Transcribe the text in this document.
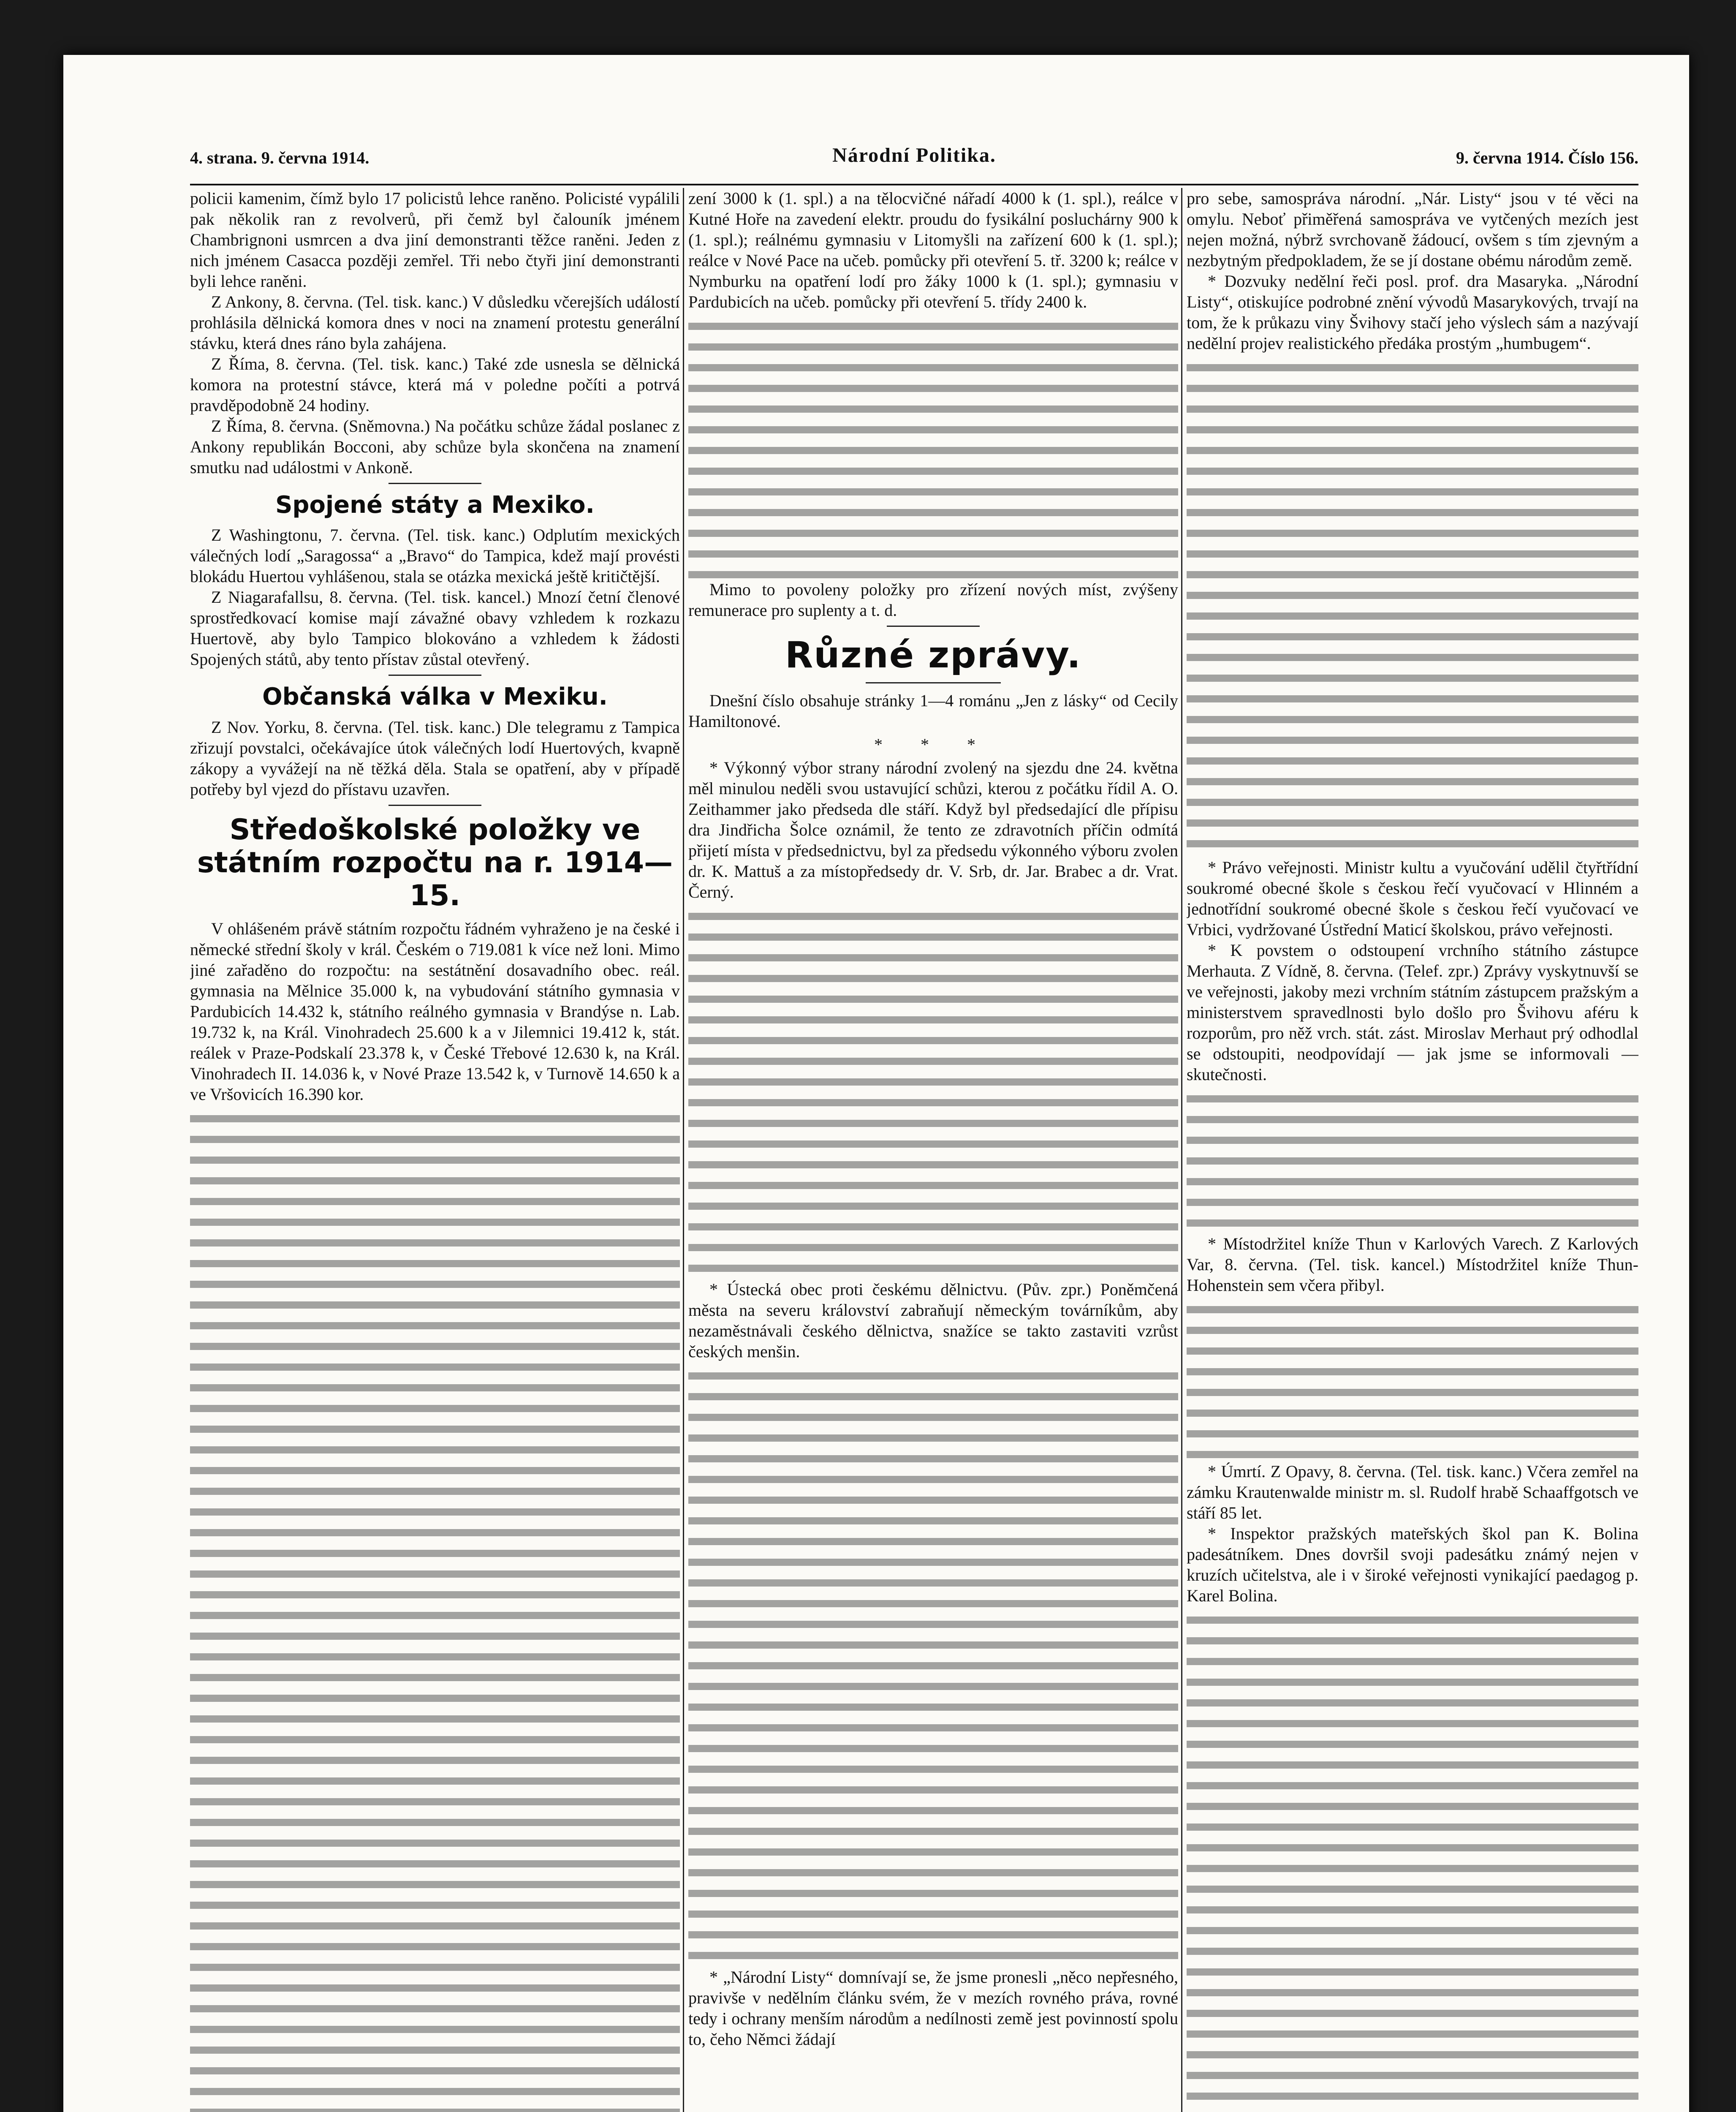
4. strana. 9. června 1914.	Národní Politika.	9. června 1914. Číslo 156.

policii kamenim, čímž bylo 17 policistů lehce raněno. Policisté vypálili pak několik ran z revolverů, při čemž byl čalouník jménem Chambrignoni usmrcen a dva jiní demonstranti těžce raněni. Jeden z nich jménem Casacca později zemřel. Tři nebo čtyři jiní demonstranti byli lehce raněni.

Z Ankony, 8. června. (Tel. tisk. kanc.) V důsledku včerejších událostí prohlásila dělnická komora dnes v noci na znamení protestu generální stávku, která dnes ráno byla zahájena.

Z Říma, 8. června. (Tel. tisk. kanc.) Také zde usnesla se dělnická komora na protestní stávce, která má v poledne počíti a potrvá pravděpodobně 24 hodiny.

Z Říma, 8. června. (Sněmovna.) Na počátku schůze žádal poslanec z Ankony republikán Bocconi, aby schůze byla skončena na znamení smutku nad událostmi v Ankoně.

Spojené státy a Mexiko.

Z Washingtonu, 7. června. (Tel. tisk. kanc.) Odplutím mexických válečných lodí „Saragossa“ a „Bravo“ do Tampica, kdež mají provésti blokádu Huertou vyhlášenou, stala se otázka mexická ještě kritičtější.

Z Niagarafallsu, 8. června. (Tel. tisk. kancel.) Mnozí četní členové sprostředkovací komise mají závažné obavy vzhledem k rozkazu Huertově, aby bylo Tampico blokováno a vzhledem k žádosti Spojených států, aby tento přístav zůstal otevřený.

Občanská válka v Mexiku.

Z Nov. Yorku, 8. června. (Tel. tisk. kanc.) Dle telegramu z Tampica zřizují povstalci, očekávajíce útok válečných lodí Huertových, kvapně zákopy a vyvážejí na ně těžká děla. Stala se opatření, aby v případě potřeby byl vjezd do přístavu uzavřen.

Středoškolské položky ve státním rozpočtu na r. 1914—15.

V ohlášeném právě státním rozpočtu řádném vyhraženo je na české i německé střední školy v král. Českém o 719.081 k více než loni. Mimo jiné zařaděno do rozpočtu: na sestátnění dosavadního obec. reál. gymnasia na Mělnice 35.000 k, na vybudování státního gymnasia v Pardubicích 14.432 k, státního reálného gymnasia v Brandýse n. Lab. 19.732 k, na Král. Vinohradech 25.600 k a v Jilemnici 19.412 k, stát. reálek v Praze-Podskalí 23.378 k, v České Třebové 12.630 k, na Král. Vinohradech II. 14.036 k, v Nové Praze 13.542 k, v Turnově 14.650 k a ve Vršovicích 16.390 kor.

zení 3000 k (1. spl.) a na tělocvičné nářadí 4000 k (1. spl.), reálce v Kutné Hoře na zavedení elektr. proudu do fysikální posluchárny 900 k (1. spl.); reálnému gymnasiu v Litomyšli na zařízení 600 k (1. spl.); reálce v Nové Pace na učeb. pomůcky při otevření 5. tř. 3200 k; reálce v Nymburku na opatření lodí pro žáky 1000 k (1. spl.); gymnasiu v Pardubicích na učeb. pomůcky při otevření 5. třídy 2400 k.

Mimo to povoleny položky pro zřízení nových míst, zvýšeny remunerace pro suplenty a t. d.

Různé zprávy.

Dnešní číslo obsahuje stránky 1—4 románu „Jen z lásky“ od Cecily Hamiltonové.

* * *

* Výkonný výbor strany národní zvolený na sjezdu dne 24. května měl minulou neděli svou ustavující schůzi, kterou z počátku řídil A. O. Zeithammer jako předseda dle stáří. Když byl předsedající dle přípisu dra Jindřicha Šolce oznámil, že tento ze zdravotních příčin odmítá přijetí místa v předsednictvu, byl za předsedu výkonného výboru zvolen dr. K. Mattuš a za místopředsedy dr. V. Srb, dr. Jar. Brabec a dr. Vrat. Černý.

* Ústecká obec proti českému dělnictvu. (Pův. zpr.) Poněmčená města na severu království zabraňují německým továrníkům, aby nezaměstnávali českého dělnictva, snažíce se takto zastaviti vzrůst českých menšin.

* „Národní Listy“ domnívají se, že jsme pronesli „něco nepřesného, pravivše v nedělním článku svém, že v mezích rovného práva, rovné tedy i ochrany menším národům a nedílnosti země jest povinností spolu to, čeho Němci žádají

pro sebe, samospráva národní. „Nár. Listy“ jsou v té věci na omylu. Neboť přiměřená samospráva ve vytčených mezích jest nejen možná, nýbrž svrchovaně žádoucí, ovšem s tím zjevným a nezbytným předpokladem, že se jí dostane obému národům země.

* Dozvuky nedělní řeči posl. prof. dra Masaryka. „Národní Listy“, otiskujíce podrobné znění vývodů Masarykových, trvají na tom, že k průkazu viny Švihovy stačí jeho výslech sám a nazývají nedělní projev realistického předáka prostým „humbugem“.

* Právo veřejnosti. Ministr kultu a vyučování udělil čtyřtřídní soukromé obecné škole s českou řečí vyučovací v Hlinném a jednotřídní soukromé obecné škole s českou řečí vyučovací ve Vrbici, vydržované Ústřední Maticí školskou, právo veřejnosti.

* K povstem o odstoupení vrchního státního zástupce Merhauta. Z Vídně, 8. června. (Telef. zpr.) Zprávy vyskytnuvší se ve veřejnosti, jakoby mezi vrchním státním zástupcem pražským a ministerstvem spravedlnosti bylo došlo pro Švihovu aféru k rozporům, pro něž vrch. stát. zást. Miroslav Merhaut prý odhodlal se odstoupiti, neodpovídají — jak jsme se informovali — skutečnosti.

* Místodržitel kníže Thun v Karlových Varech. Z Karlových Var, 8. června. (Tel. tisk. kancel.) Místodržitel kníže Thun-Hohenstein sem včera přibyl.

* Úmrtí. Z Opavy, 8. června. (Tel. tisk. kanc.) Včera zemřel na zámku Krautenwalde ministr m. sl. Rudolf hrabě Schaaffgotsch ve stáří 85 let.

* Inspektor pražských mateřských škol pan K. Bolina padesátníkem. Dnes dovršil svoji padesátku známý nejen v kruzích učitelstva, ale i v široké veřejnosti vynikající paedagog p. Karel Bolina.
